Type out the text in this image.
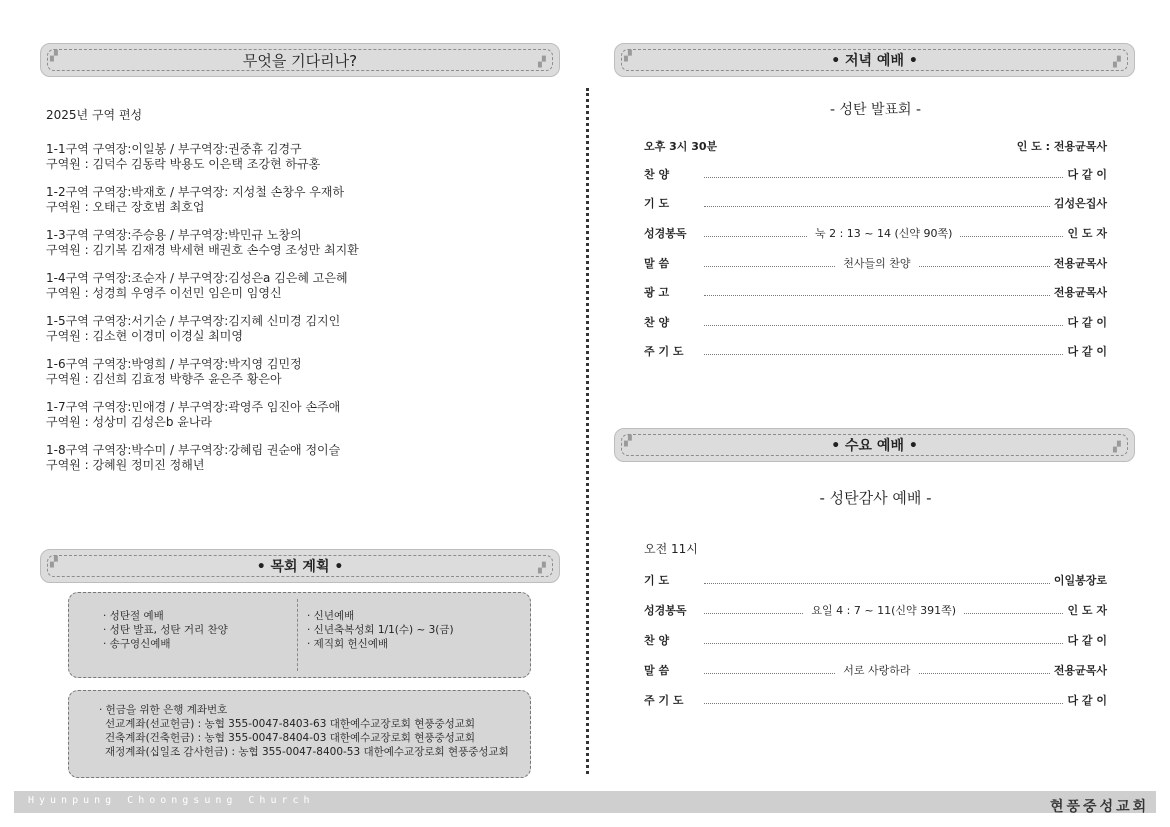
▞	무엇을 기다리나?	▞
2025년 구역 편성
1-1구역 구역장:이일봉 / 부구역장:권중휴 김경구
구역원 : 김덕수 김동락 박용도 이은택 조강현 하규홍
1-2구역 구역장:박재호 / 부구역장: 지성철 손창우 우재하
구역원 : 오태근 장호범 최호업
1-3구역 구역장:주승용 / 부구역장:박민규 노창의
구역원 : 김기복 김재경 박세현 배권호 손수영 조성만 최지환
1-4구역 구역장:조순자 / 부구역장:김성은a 김은혜 고은혜
구역원 : 성경희 우영주 이선민 임은미 임영신
1-5구역 구역장:서기순 / 부구역장:김지혜 신미경 김지인
구역원 : 김소현 이경미 이경실 최미영
1-6구역 구역장:박영희 / 부구역장:박지영 김민정
구역원 : 김선희 김효정 박향주 윤은주 황은아
1-7구역 구역장:민애경 / 부구역장:곽영주 임진아 손주애
구역원 : 성상미 김성은b 윤나라
1-8구역 구역장:박수미 / 부구역장:강혜림 권순애 정이슬
구역원 : 강혜원 정미진 정해년
▞	• 목회 계획 •	▞
· 성탄절 예배
· 성탄 발표, 성탄 거리 찬양
· 송구영신예배
· 신년예배
· 신년축복성회 1/1(수) ~ 3(금)
· 제직회 헌신예배
· 헌금을 위한 은행 계좌번호
선교계좌(선교헌금) : 농협 355-0047-8403-63 대한예수교장로회 현풍중성교회
건축계좌(건축헌금) : 농협 355-0047-8404-03 대한예수교장로회 현풍중성교회
재정계좌(십일조 감사헌금) : 농협 355-0047-8400-53 대한예수교장로회 현풍중성교회
▞	• 저녁 예배 •	▞
- 성탄 발표회 -
오후 3시 30분	인 도 : 전용균목사
찬 양	다 같 이
기 도	김성은집사
성경봉독	눅 2 : 13 ~ 14 (신약 90쪽)	인 도 자
말 씀	천사들의 찬양	전용균목사
광 고	전용균목사
찬 양	다 같 이
주 기 도	다 같 이
▞	• 수요 예배 •	▞
- 성탄감사 예배 -
오전 11시
기 도	이일봉장로
성경봉독	요일 4 : 7 ~ 11(신약 391쪽)	인 도 자
찬 양	다 같 이
말 씀	서로 사랑하라	전용균목사
주 기 도	다 같 이
Hyunpung Choongsung Church	현풍중성교회
